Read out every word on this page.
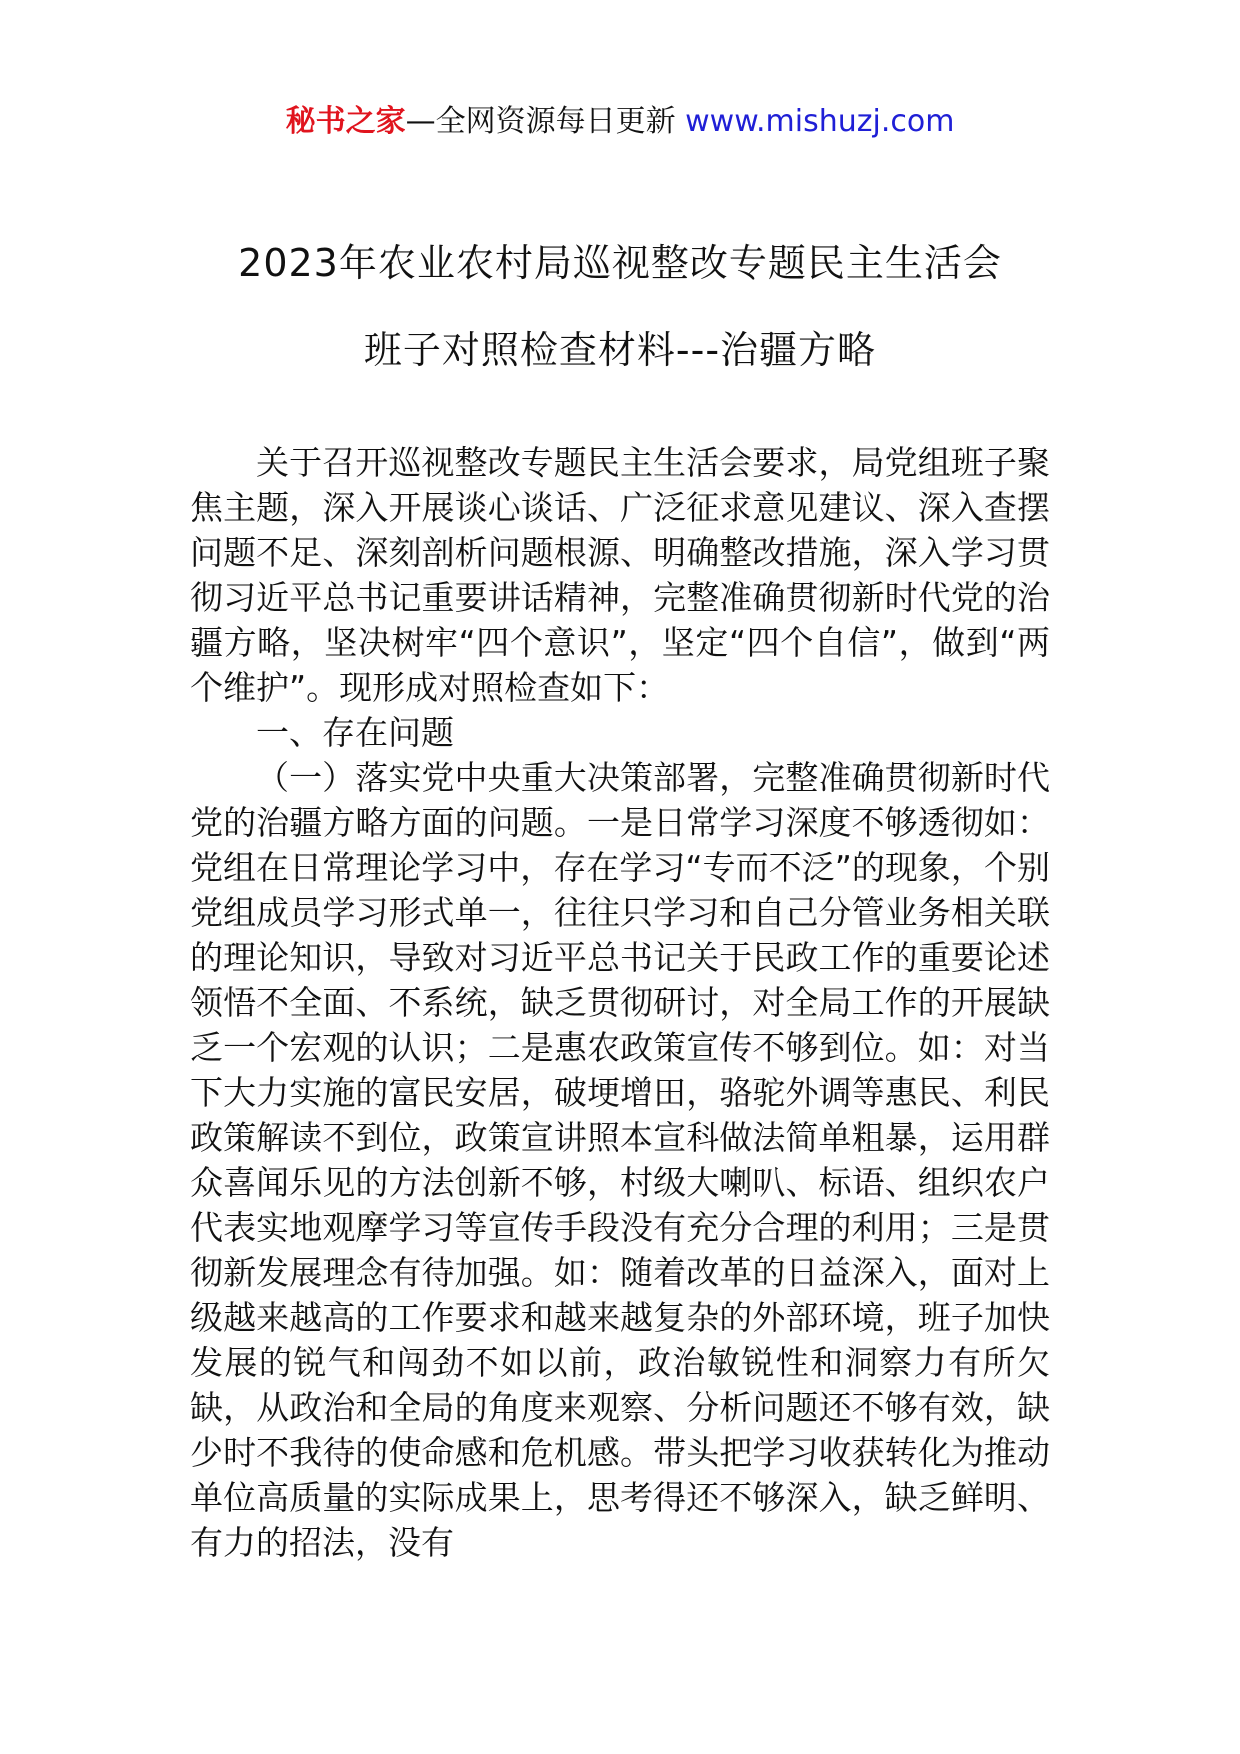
秘书之家—全网资源每日更新 www.mishuzj.com
2023年农业农村局巡视整改专题民主生活会
班子对照检查材料---治疆方略

关于召开巡视整改专题民主生活会要求，局党组班子聚焦主题，深入开展谈心谈话、广泛征求意见建议、深入查摆问题不足、深刻剖析问题根源、明确整改措施，深入学习贯彻习近平总书记重要讲话精神，完整准确贯彻新时代党的治疆方略，坚决树牢“四个意识”，坚定“四个自信”，做到“两个维护”。现形成对照检查如下：

一、存在问题

（一）落实党中央重大决策部署，完整准确贯彻新时代党的治疆方略方面的问题。一是日常学习深度不够透彻如：党组在日常理论学习中，存在学习“专而不泛”的现象，个别党组成员学习形式单一，往往只学习和自己分管业务相关联的理论知识，导致对习近平总书记关于民政工作的重要论述领悟不全面、不系统，缺乏贯彻研讨，对全局工作的开展缺乏一个宏观的认识；二是惠农政策宣传不够到位。如：对当下大力实施的富民安居，破埂增田，骆驼外调等惠民、利民政策解读不到位，政策宣讲照本宣科做法简单粗暴，运用群众喜闻乐见的方法创新不够，村级大喇叭、标语、组织农户代表实地观摩学习等宣传手段没有充分合理的利用；三是贯彻新发展理念有待加强。如：随着改革的日益深入，面对上级越来越高的工作要求和越来越复杂的外部环境，班子加快发展的锐气和闯劲不如以前，政治敏锐性和洞察力有所欠缺，从政治和全局的角度来观察、分析问题还不够有效，缺少时不我待的使命感和危机感。带头把学习收获转化为推动单位高质量的实际成果上，思考得还不够深入，缺乏鲜明、有力的招法，没有
